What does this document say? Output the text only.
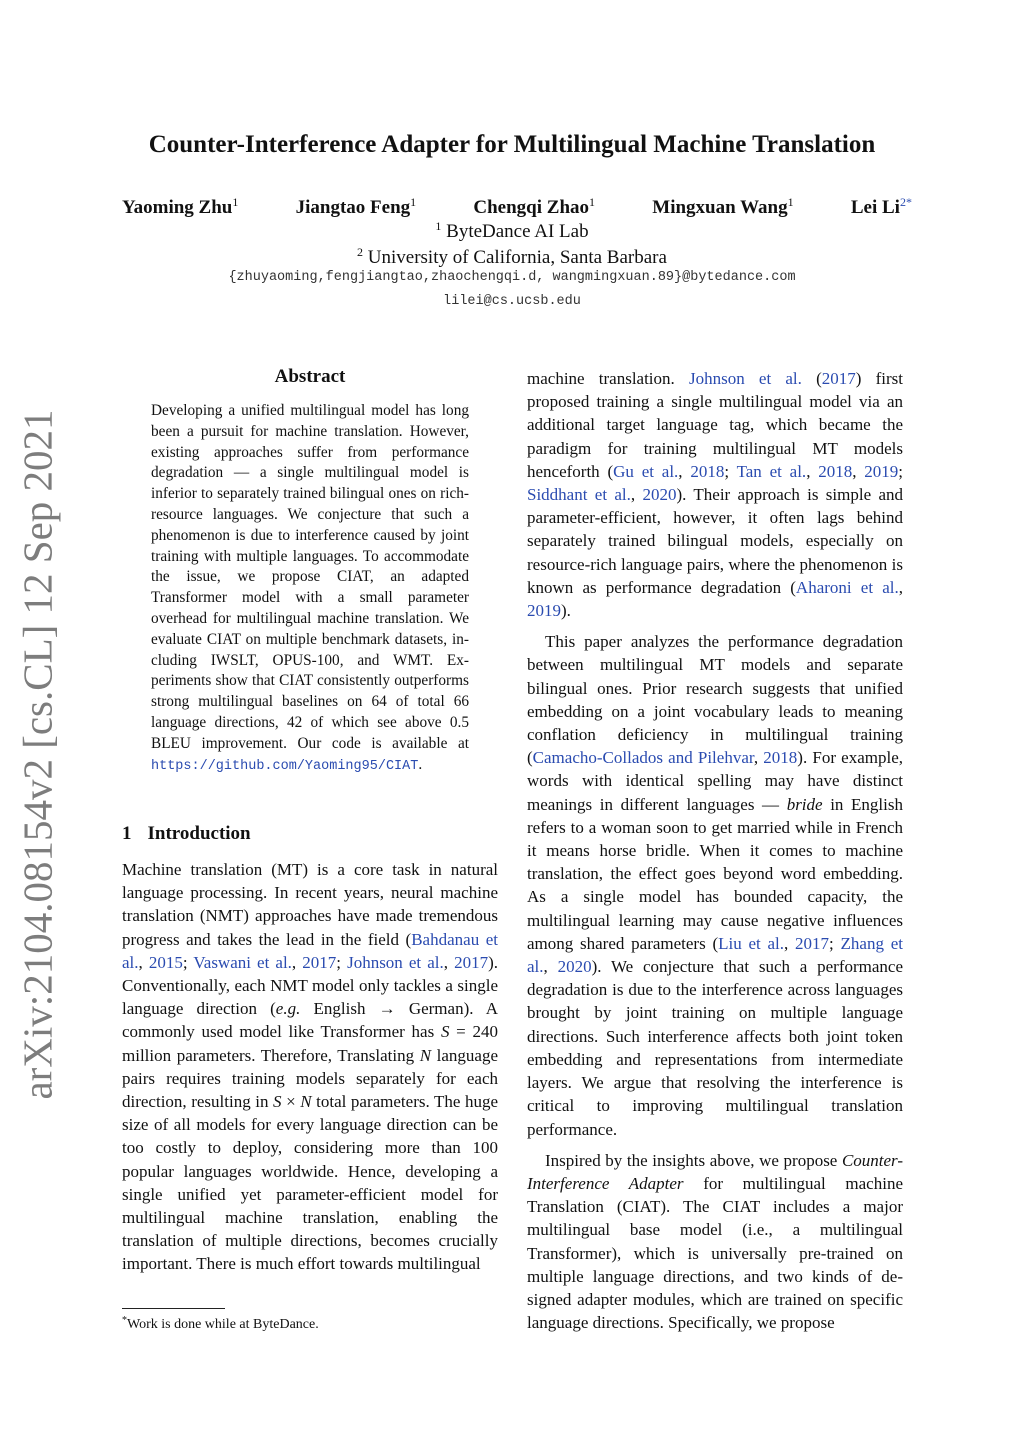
arXiv:2104.08154v2 [cs.CL] 12 Sep 2021
Counter-Interference Adapter for Multilingual Machine Translation
Yaoming Zhu$^1$	Jiangtao Feng$^1$	Chengqi Zhao$^1$	Mingxuan Wang$^1$	Lei $Li^{2*}$
$^1$ ByteDance AI Lab
$^2$ University of California, Santa Barbara
{zhuyaoming,fengjiangtao,zhaochengqi.d, wangmingxuan.89}@bytedance.com
lilei@cs.ucsb.edu
Abstract
Developing a unified multilingual model has long been a pursuit for machine translation. However, existing approaches suffer from performance degradation — a single multilingual model is inferior to separately trained bilingual ones on rich-resource languages. We conjecture that such a phenomenon is due to interference caused by joint training with multiple languages. To accommodate the issue, we propose CIAT, an adapted Transformer model with a small parameter overhead for multilingual machine translation. We evaluate CIAT on multiple benchmark datasets, including IWSLT, OPUS-100, and WMT. Experiments show that CIAT consistently outperforms strong multilingual baselines on 64 of total 66 language directions, 42 of which see above 0.5 BLEU improvement. Our code is available at https://github.com/Yaoming95/CIAT.
1 Introduction

Machine translation (MT) is a core task in natural language processing. In recent years, neural machine translation (NMT) approaches have made tremendous progress and takes the lead in the field (Bahdanau et al., 2015; Vaswani et al., 2017; Johnson et al., 2017). Conventionally, each NMT model only tackles a single language direction (e.g. English → German). A commonly used model like Transformer has S = 240 million parameters. Therefore, Translating N language pairs requires training models separately for each direction, resulting in S × N total parameters. The huge size of all models for every language direction can be too costly to deploy, considering more than 100 popular languages worldwide. Hence, developing a single unified yet parameter-efficient model for multilingual machine translation, enabling the translation of multiple directions, becomes crucially important. There is much effort towards multilingual

machine translation. Johnson et al. (2017) first proposed training a single multilingual model via an additional target language tag, which became the paradigm for training multilingual MT models henceforth (Gu et al., 2018; Tan et al., 2018, 2019; Siddhant et al., 2020). Their approach is simple and parameter-efficient, however, it often lags behind separately trained bilingual models, especially on resource-rich language pairs, where the phenomenon is known as performance degradation (Aharoni et al., 2019).

This paper analyzes the performance degradation between multilingual MT models and separate bilingual ones. Prior research suggests that unified embedding on a joint vocabulary leads to meaning conflation deficiency in multilingual training (Camacho-Collados and Pilehvar, 2018). For example, words with identical spelling may have distinct meanings in different languages — bride in English refers to a woman soon to get married while in French it means horse bridle. When it comes to machine translation, the effect goes beyond word embedding. As a single model has bounded capacity, the multilingual learning may cause negative influences among shared parameters (Liu et al., 2017; Zhang et al., 2020). We conjecture that such a performance degradation is due to the interference across languages brought by joint training on multiple language directions. Such interference affects both joint token embedding and representations from intermediate layers. We argue that resolving the interference is critical to improving multilingual translation performance.

Inspired by the insights above, we propose Counter-Interference Adapter for multilingual machine Translation (CIAT). The CIAT includes a major multilingual base model (i.e., a multilingual Transformer), which is universally pre-trained on multiple language directions, and two kinds of designed adapter modules, which are trained on specific language directions. Specifically, we propose

*Work is done while at ByteDance.
